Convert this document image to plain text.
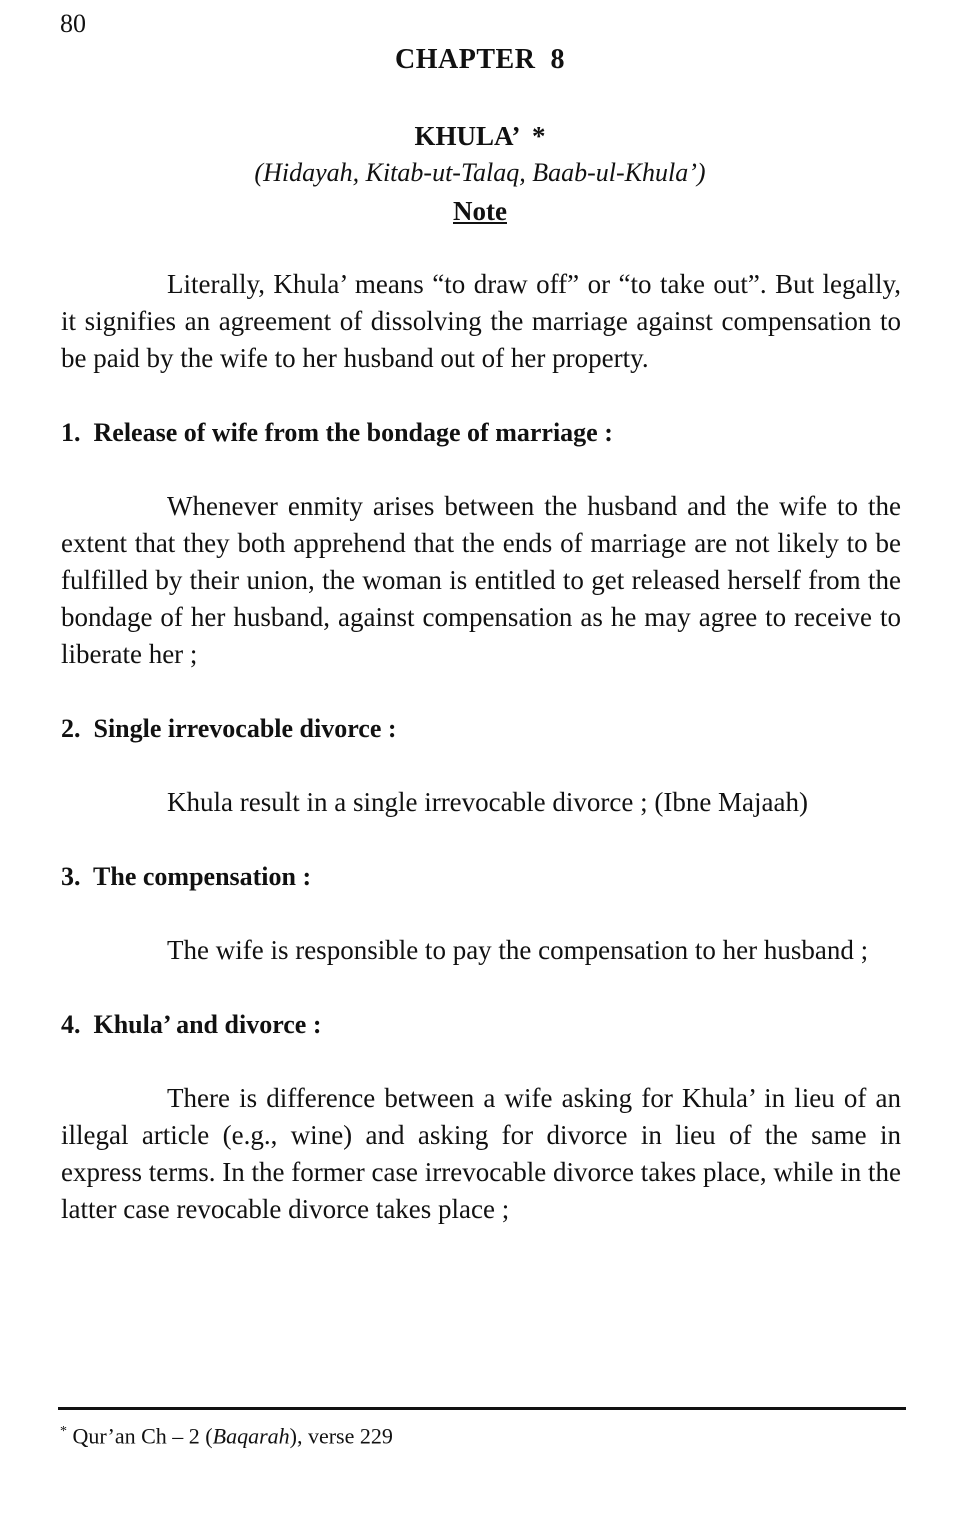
80
CHAPTER  8
KHULA’  *
(Hidayah, Kitab-ut-Talaq, Baab-ul-Khula’)
Note

Literally, Khula’ means “to draw off” or “to take out”. But legally, it signifies an agreement of dissolving the marriage against compensation to be paid by the wife to her husband out of her property.

1.  Release of wife from the bondage of marriage :

Whenever enmity arises between the husband and the wife to the extent that they both apprehend that the ends of marriage are not likely to be fulfilled by their union, the woman is entitled to get released herself from the bondage of her husband, against compensation as he may agree to receive to liberate her ;

2.  Single irrevocable divorce :

Khula result in a single irrevocable divorce ; (Ibne Majaah)

3.  The compensation :

The wife is responsible to pay the compensation to her husband ;

4.  Khula’ and divorce :

There is difference between a wife asking for Khula’ in lieu of an illegal article (e.g., wine) and asking for divorce in lieu of the same in express terms. In the former case irrevocable divorce takes place, while in the latter case revocable divorce takes place ;

* Qur’an Ch – 2 (Baqarah), verse 229
